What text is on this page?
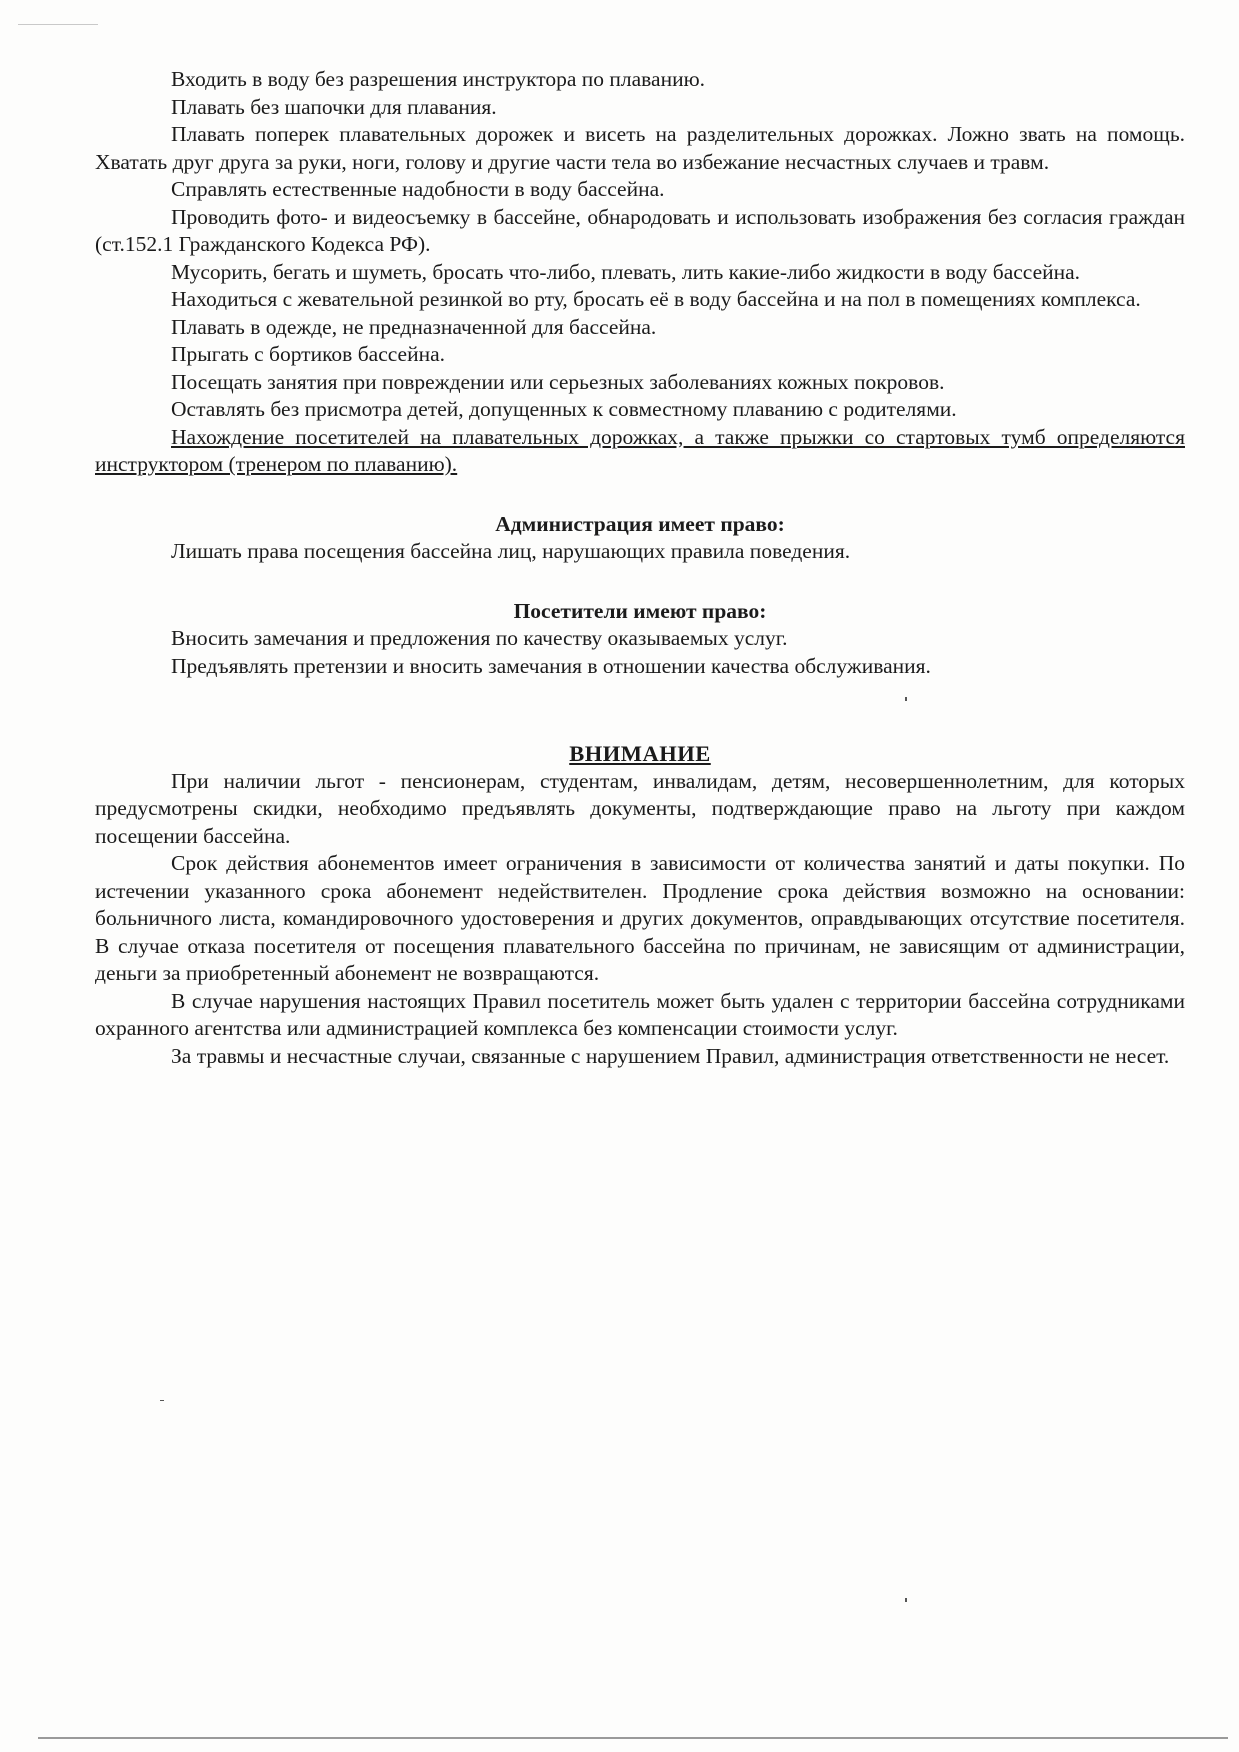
Входить в воду без разрешения инструктора по плаванию.

Плавать без шапочки для плавания.

Плавать поперек плавательных дорожек и висеть на разделительных дорожках. Ложно звать на помощь. Хватать друг друга за руки, ноги, голову и другие части тела во избежание несчастных случаев и травм.

Справлять естественные надобности в воду бассейна.

Проводить фото- и видеосъемку в бассейне, обнародовать и использовать изображения без согласия граждан (ст.152.1 Гражданского Кодекса РФ).

Мусорить, бегать и шуметь, бросать что-либо, плевать, лить какие-либо жидкости в воду бассейна.

Находиться с жевательной резинкой во рту, бросать её в воду бассейна и на пол в помещениях комплекса.

Плавать в одежде, не предназначенной для бассейна.

Прыгать с бортиков бассейна.

Посещать занятия при повреждении или серьезных заболеваниях кожных покровов.

Оставлять без присмотра детей, допущенных к совместному плаванию с родителями.

Нахождение посетителей на плавательных дорожках, а также прыжки со стартовых тумб определяются инструктором (тренером по плаванию).

Администрация имеет право:

Лишать права посещения бассейна лиц, нарушающих правила поведения.

Посетители имеют право:

Вносить замечания и предложения по качеству оказываемых услуг.

Предъявлять претензии и вносить замечания в отношении качества обслуживания.

ВНИМАНИЕ

При наличии льгот - пенсионерам, студентам, инвалидам, детям, несовершеннолетним, для которых предусмотрены скидки, необходимо предъявлять документы, подтверждающие право на льготу при каждом посещении бассейна.

Срок действия абонементов имеет ограничения в зависимости от количества занятий и даты покупки. По истечении указанного срока абонемент недействителен. Продление срока действия возможно на основании: больничного листа, командировочного удостоверения и других документов, оправдывающих отсутствие посетителя. В случае отказа посетителя от посещения плавательного бассейна по причинам, не зависящим от администрации, деньги за приобретенный абонемент не возвращаются.

В случае нарушения настоящих Правил посетитель может быть удален с территории бассейна сотрудниками охранного агентства или администрацией комплекса без компенсации стоимости услуг.

За травмы и несчастные случаи, связанные с нарушением Правил, администрация ответственности не несет.
